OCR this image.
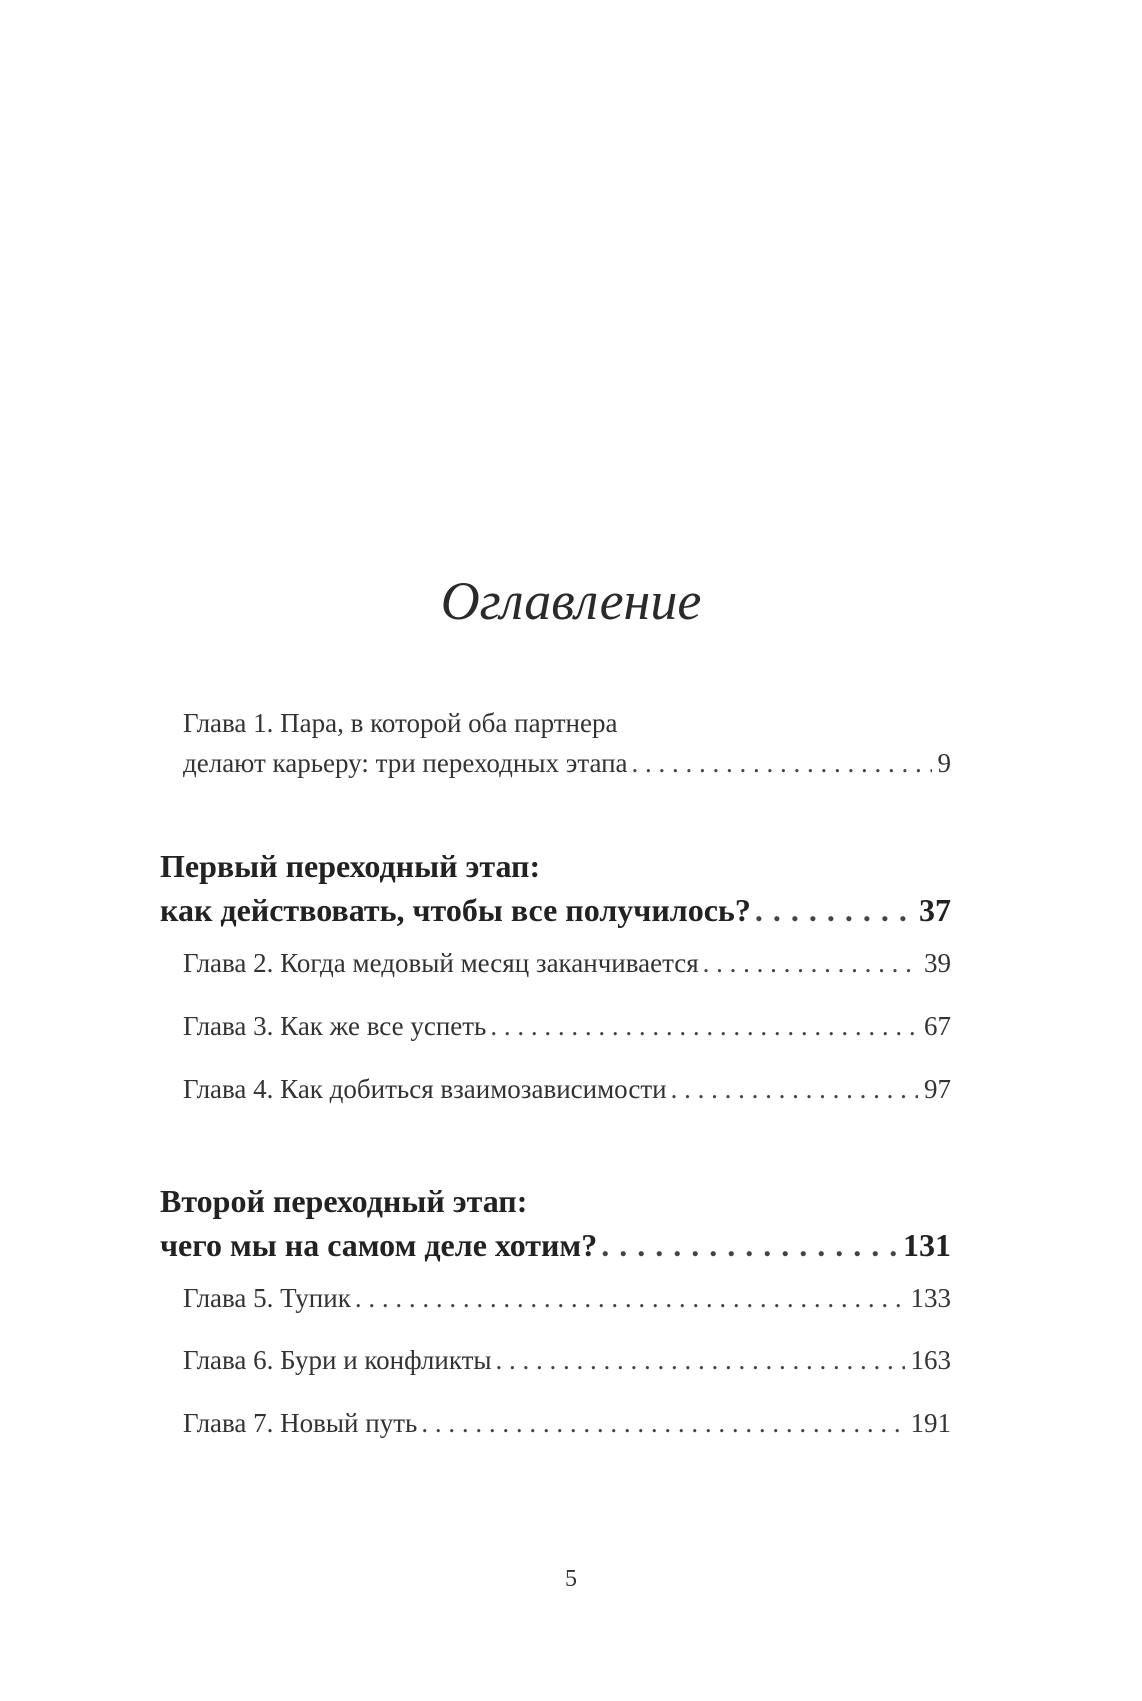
Оглавление
Глава 1. Пара, в которой оба партнера
делают карьеру: три переходных этапа . . .	9
Первый переходный этап:
как действовать, чтобы все получилось? . . .	37
Глава 2. Когда медовый месяц заканчивается . . .	39
Глава 3. Как же все успеть . . .	67
Глава 4. Как добиться взаимозависимости . . .	97
Второй переходный этап:
чего мы на самом деле хотим? . . .	131
Глава 5. Тупик . . .	133
Глава 6. Бури и конфликты . . .	163
Глава 7. Новый путь . . .	191
5
